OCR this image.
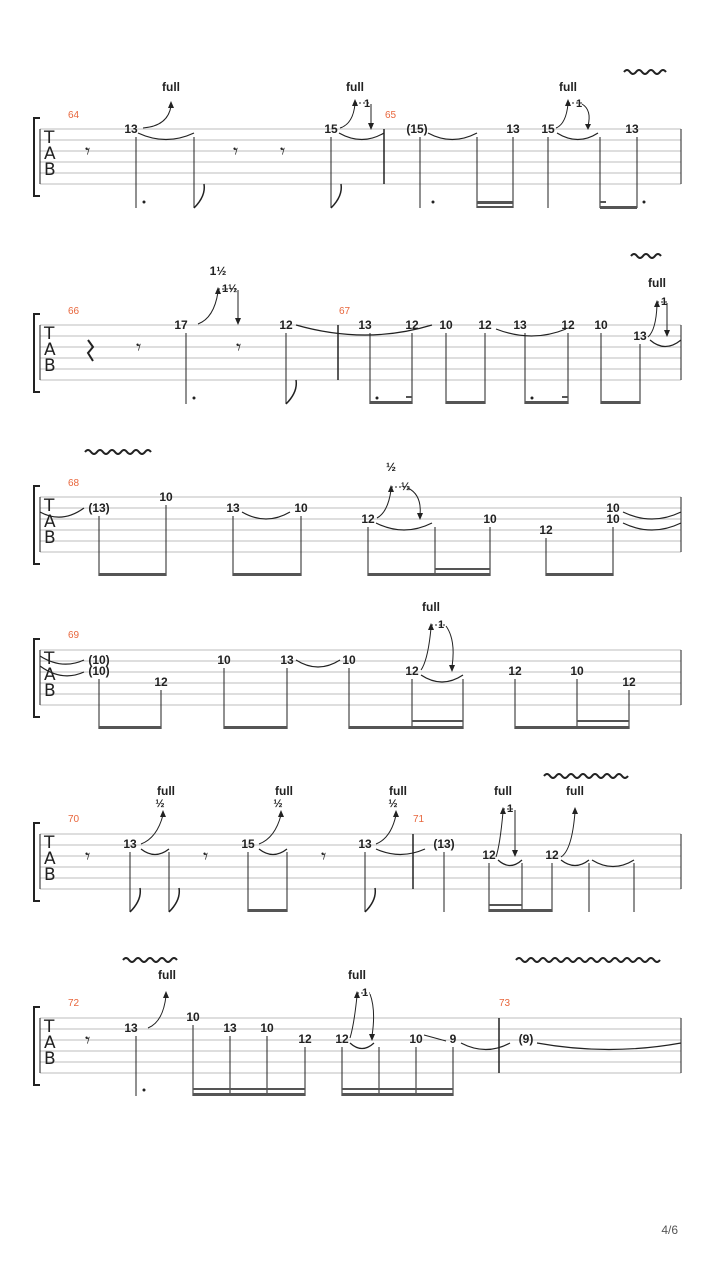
T
A
B
64	65
𝄾	𝄾 𝄾
13	15	(15)	13 15	13
full	full
1
full
1
T
A
B
66	67
𝄾	𝄾
17	12	13	12 10 12 13	12 10
13
1½
1½	full
1
T
A
B
68
(13)
10
13	10
12	10
12
10
10
½
½
T
A
B
69
(10)
(10)
12
10	13	10
12	12	10
12
full
1
T
A
B
70	71
𝄾	𝄾	𝄾
13	15	13	(13)
12	12
full
½
full
½
full
½
full
1
full
T
A
B
72	73
𝄾	13
10
13 10
12 12	10 9	(9)
full	full
1
4/6
